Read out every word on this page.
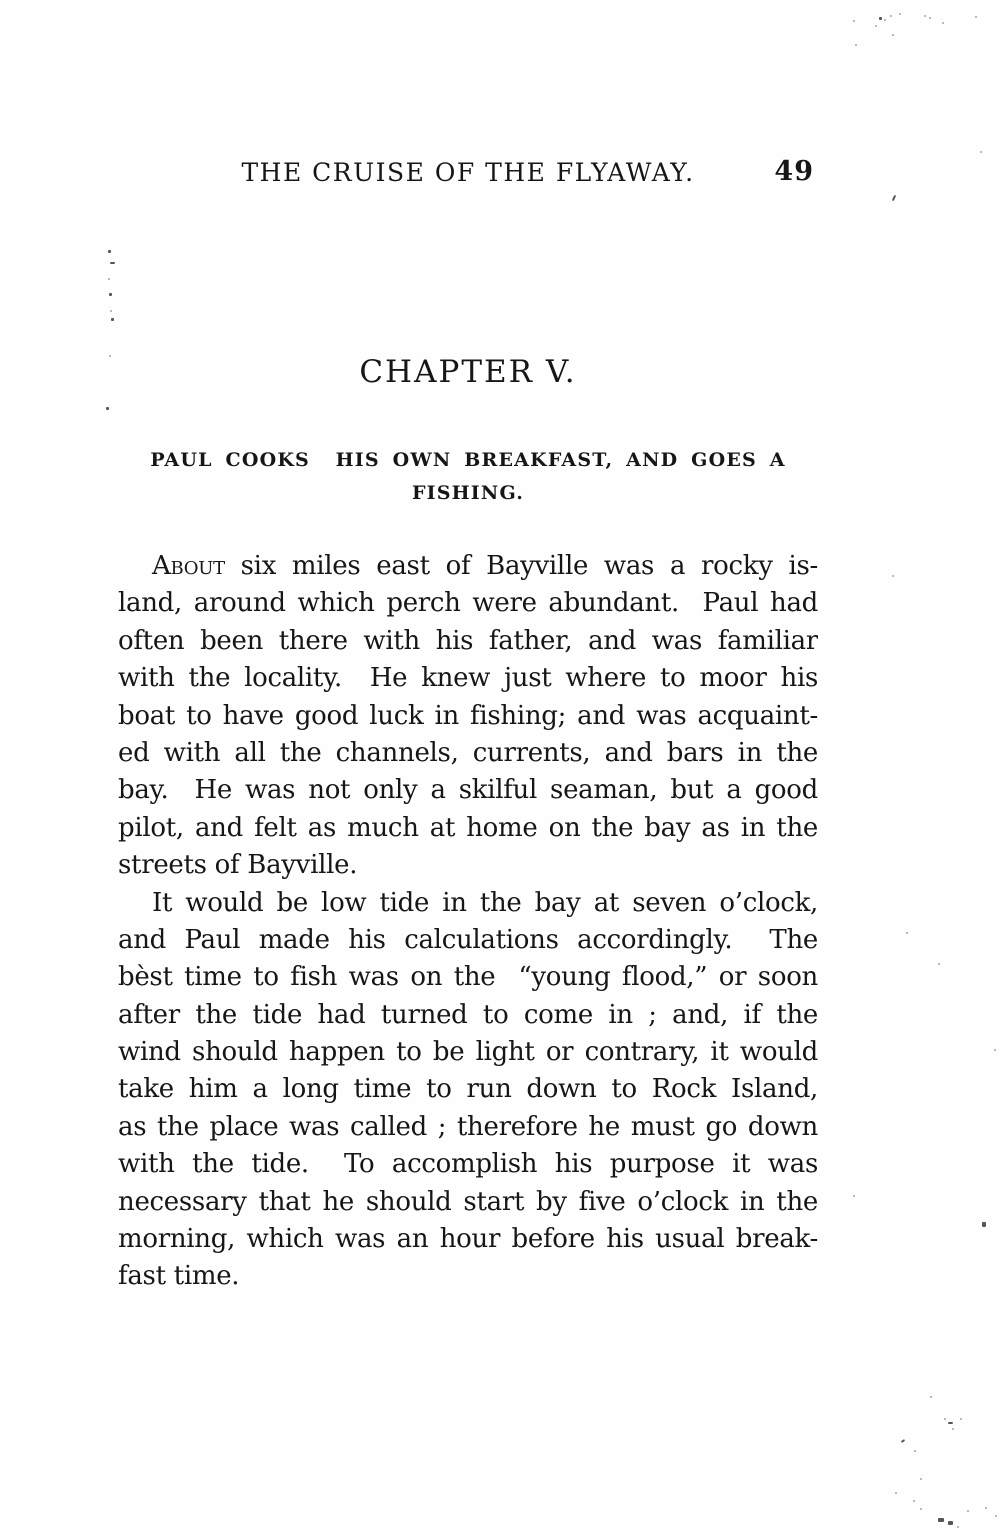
THE CRUISE OF THE FLYAWAY.	49
CHAPTER V.
PAUL COOKS  HIS OWN BREAKFAST, AND GOES A
FISHING.
About six miles east of Bayville was a rocky is-
land, around which perch were abundant.  Paul had
often been there with his father, and was familiar
with the locality.  He knew just where to moor his
boat to have good luck in fishing; and was acquaint-
ed with all the channels, currents, and bars in the
bay.  He was not only a skilful seaman, but a good
pilot, and felt as much at home on the bay as in the
streets of Bayville.
It would be low tide in the bay at seven o’clock,
and Paul made his calculations accordingly.  The
bèst time to fish was on the  “young flood,” or soon
after the tide had turned to come in ; and, if the
wind should happen to be light or contrary, it would
take him a long time to run down to Rock Island,
as the place was called ; therefore he must go down
with the tide.  To accomplish his purpose it was
necessary that he should start by five o’clock in the
morning, which was an hour before his usual break-
fast time.
